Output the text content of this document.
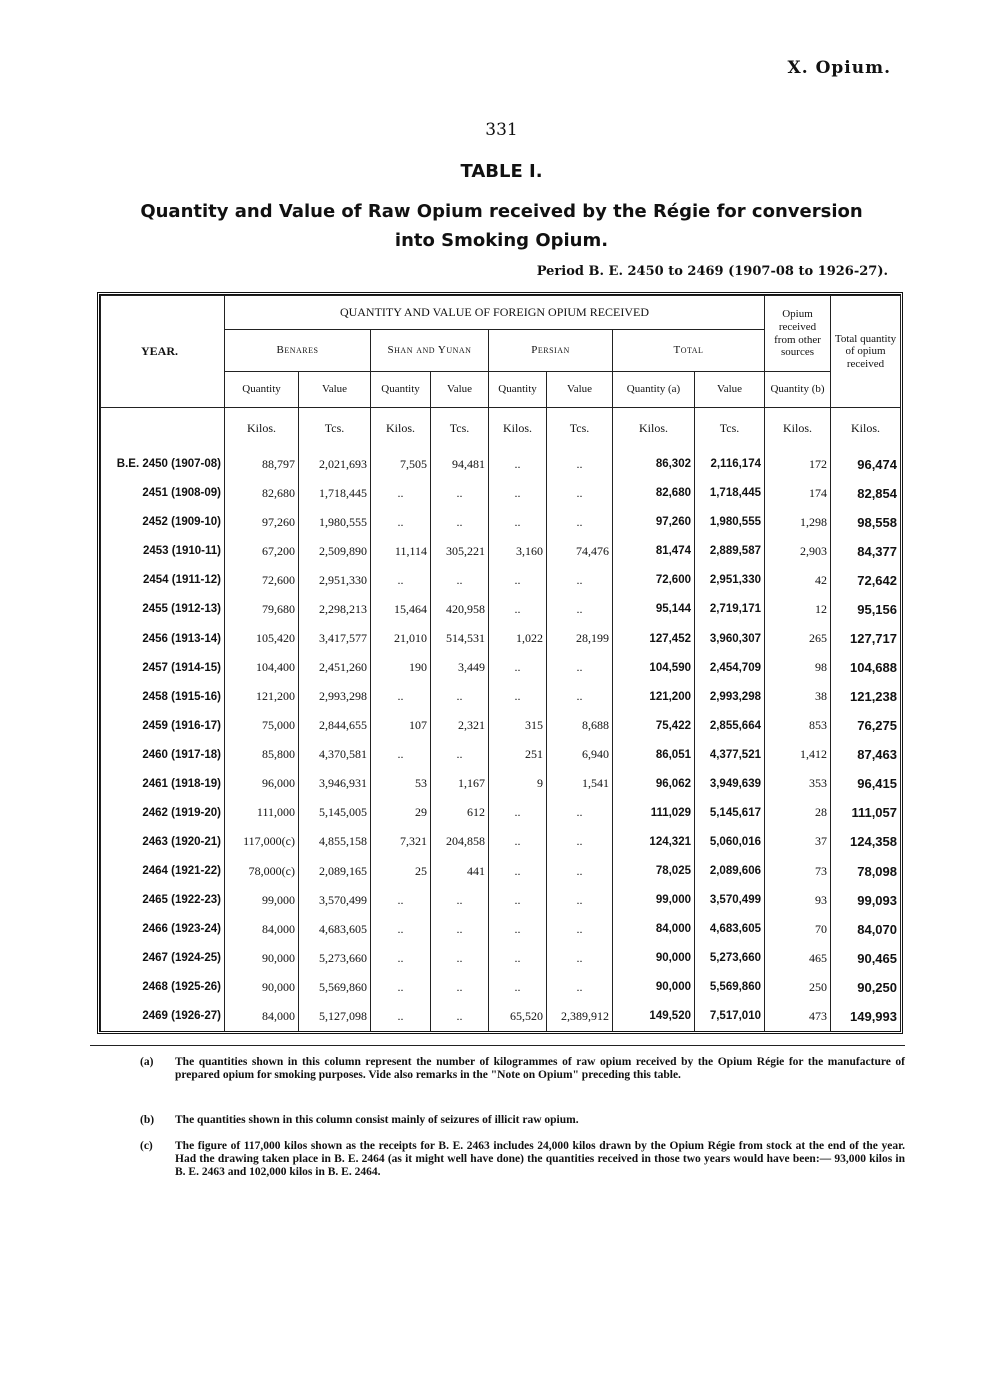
X. Opium.
331
TABLE I.
Quantity and Value of Raw Opium received by the Régie for conversion
into Smoking Opium.
Period B. E. 2450 to 2469 (1907-08 to 1926-27).
YEAR.	QUANTITY AND VALUE OF FOREIGN OPIUM RECEIVED								Opium received from other sources	Total quantity of opium received
	Benares		Shan and Yunan		Persian		Total			
	Quantity	Value	Quantity	Value	Quantity	Value	Quantity (a)	Value	Quantity (b)	
	Kilos.	Tcs.	Kilos.	Tcs.	Kilos.	Tcs.	Kilos.	Tcs.	Kilos.	Kilos.
B.E. 2450 (1907-08)	88,797	2,021,693	7,505	94,481	..	..	86,302	2,116,174	172	96,474
2451 (1908-09)	82,680	1,718,445	..	..	..	..	82,680	1,718,445	174	82,854
2452 (1909-10)	97,260	1,980,555	..	..	..	..	97,260	1,980,555	1,298	98,558
2453 (1910-11)	67,200	2,509,890	11,114	305,221	3,160	74,476	81,474	2,889,587	2,903	84,377
2454 (1911-12)	72,600	2,951,330	..	..	..	..	72,600	2,951,330	42	72,642
2455 (1912-13)	79,680	2,298,213	15,464	420,958	..	..	95,144	2,719,171	12	95,156
2456 (1913-14)	105,420	3,417,577	21,010	514,531	1,022	28,199	127,452	3,960,307	265	127,717
2457 (1914-15)	104,400	2,451,260	190	3,449	..	..	104,590	2,454,709	98	104,688
2458 (1915-16)	121,200	2,993,298	..	..	..	..	121,200	2,993,298	38	121,238
2459 (1916-17)	75,000	2,844,655	107	2,321	315	8,688	75,422	2,855,664	853	76,275
2460 (1917-18)	85,800	4,370,581	..	..	251	6,940	86,051	4,377,521	1,412	87,463
2461 (1918-19)	96,000	3,946,931	53	1,167	9	1,541	96,062	3,949,639	353	96,415
2462 (1919-20)	111,000	5,145,005	29	612	..	..	111,029	5,145,617	28	111,057
2463 (1920-21)	117,000(c)	4,855,158	7,321	204,858	..	..	124,321	5,060,016	37	124,358
2464 (1921-22)	78,000(c)	2,089,165	25	441	..	..	78,025	2,089,606	73	78,098
2465 (1922-23)	99,000	3,570,499	..	..	..	..	99,000	3,570,499	93	99,093
2466 (1923-24)	84,000	4,683,605	..	..	..	..	84,000	4,683,605	70	84,070
2467 (1924-25)	90,000	5,273,660	..	..	..	..	90,000	5,273,660	465	90,465
2468 (1925-26)	90,000	5,569,860	..	..	..	..	90,000	5,569,860	250	90,250
2469 (1926-27)	84,000	5,127,098	..	..	65,520	2,389,912	149,520	7,517,010	473	149,993
(a) The quantities shown in this column represent the number of kilogrammes of raw opium received by the Opium Régie for the manufacture of prepared opium for smoking purposes. Vide also remarks in the "Note on Opium" preceding this table.
(b) The quantities shown in this column consist mainly of seizures of illicit raw opium.
(c) The figure of 117,000 kilos shown as the receipts for B. E. 2463 includes 24,000 kilos drawn by the Opium Régie from stock at the end of the year. Had the drawing taken place in B. E. 2464 (as it might well have done) the quantities received in those two years would have been:— 93,000 kilos in B. E. 2463 and 102,000 kilos in B. E. 2464.
